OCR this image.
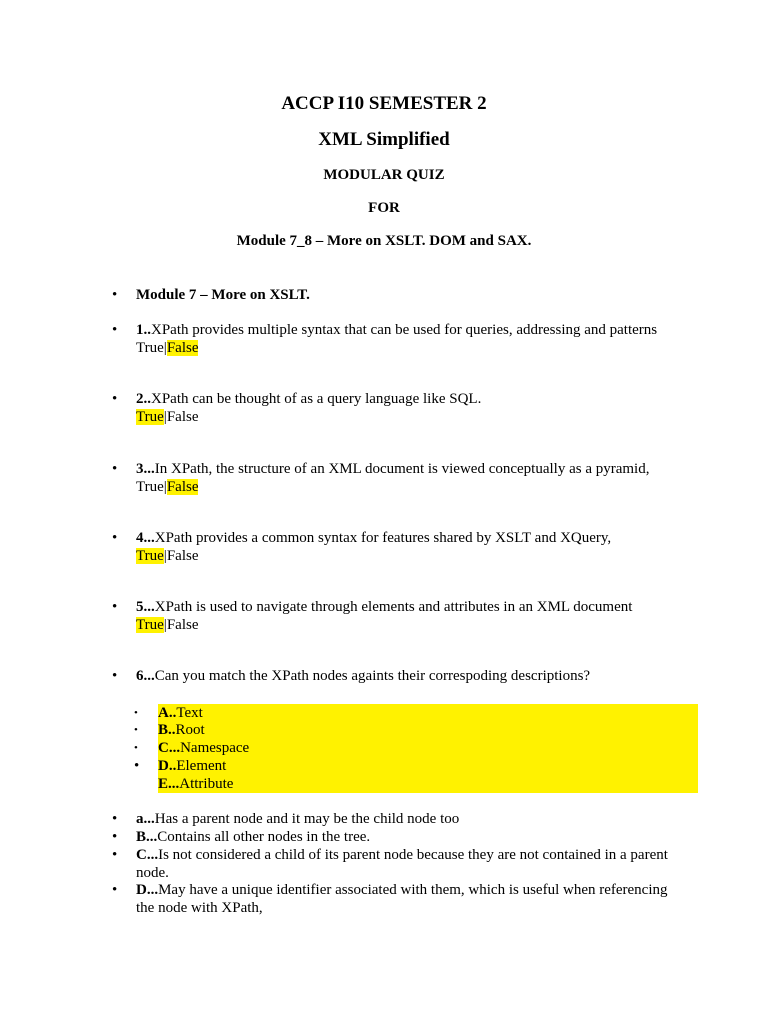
ACCP I10 SEMESTER 2
XML Simplified
MODULAR QUIZ
FOR
Module 7_8 – More on XSLT. DOM and SAX.
• Module 7 – More on XSLT.
• 1..XPath provides multiple syntax that can be used for queries, addressing and patterns
True|False
• 2..XPath can be thought of as a query language like SQL.
True|False
• 3...In XPath, the structure of an XML document is viewed conceptually as a pyramid,
True|False
• 4...XPath provides a common syntax for features shared by XSLT and XQuery,
True|False
• 5...XPath is used to navigate through elements and attributes in an XML document
True|False
• 6...Can you match the XPath nodes againts their correspoding descriptions?
• A..Text
• B..Root
• C...Namespace
• D..Element
E...Attribute
• a...Has a parent node and it may be the child node too
• B...Contains all other nodes in the tree.
• C...Is not considered a child of its parent node because they are not contained in a parent node.
• D...May have a unique identifier associated with them, which is useful when referencing the node with XPath,
